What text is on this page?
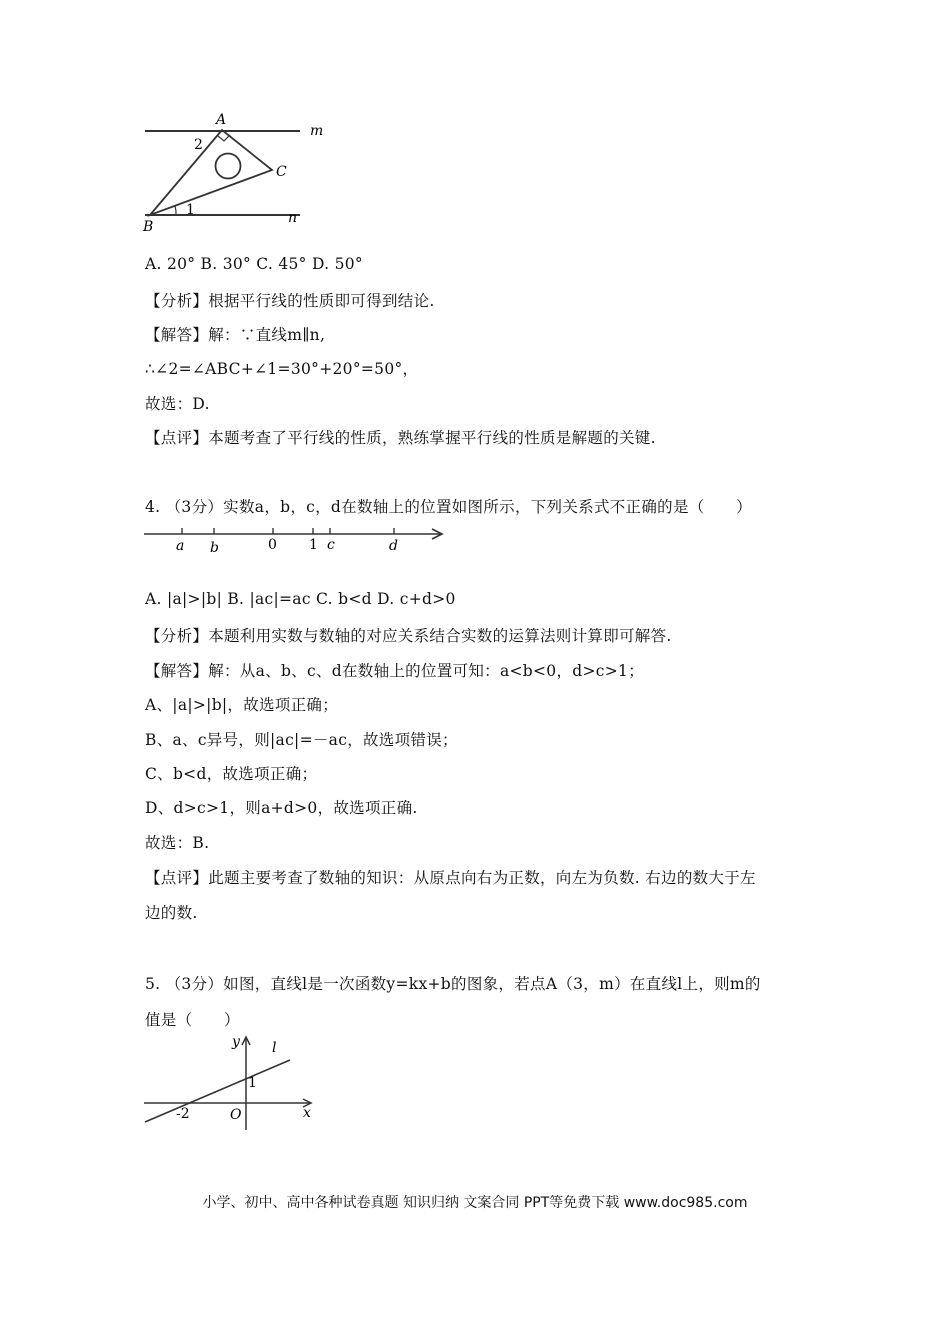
A
2
C
m
1	n
B
A. 20° B. 30° C. 45° D. 50°
【分析】根据平行线的性质即可得到结论.
【解答】解：∵直线m∥n,
∴∠2=∠ABC+∠1=30°+20°=50°，
故选：D.
【点评】本题考查了平行线的性质，熟练掌握平行线的性质是解题的关键.
4. （3分）实数a，b，c，d在数轴上的位置如图所示，下列关系式不正确的是（　　）
a b	0 1 c	d
A. |a|>|b| B. |ac|=ac C. b<d D. c+d>0
【分析】本题利用实数与数轴的对应关系结合实数的运算法则计算即可解答.
【解答】解：从a、b、c、d在数轴上的位置可知：a<b<0，d>c>1；
A、|a|>|b|，故选项正确；
B、a、c异号，则|ac|=－ac，故选项错误；
C、b<d，故选项正确；
D、d>c>1，则a+d>0，故选项正确.
故选：B.
【点评】此题主要考查了数轴的知识：从原点向右为正数，向左为负数. 右边的数大于左
边的数.
5. （3分）如图，直线l是一次函数y=kx+b的图象，若点A（3，m）在直线l上，则m的
值是（　　）
y l
1
-2	O	x
小学、初中、高中各种试卷真题 知识归纳 文案合同 PPT等免费下载 www.doc985.com
